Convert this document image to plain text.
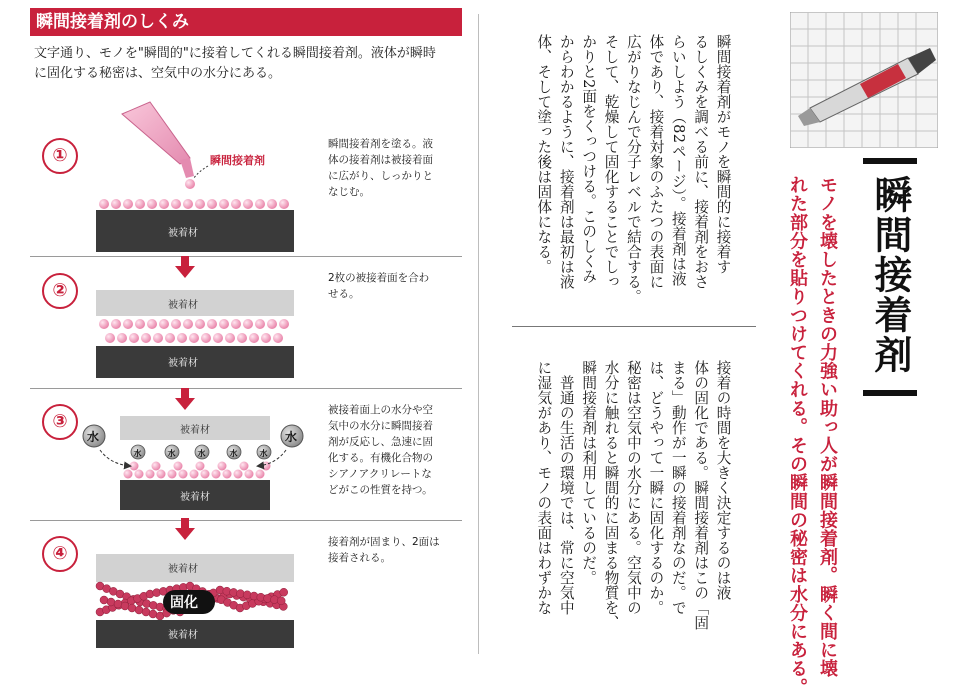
瞬間接着剤のしくみ
文字通り、モノを"瞬間的"に接着してくれる瞬間接着剤。液体が瞬時
に固化する秘密は、空気中の水分にある。
①
②
③
④
瞬間接着剤を塗る。液
体の接着剤は被接着面
に広がり、しっかりと
なじむ。
2枚の被接着面を合わ
せる。
被接着面上の水分や空
気中の水分に瞬間接着
剤が反応し、急速に固
化する。有機化合物の
シアノアクリレートな
どがこの性質を持つ。
接着剤が固まり、2面は
接着される。
瞬間接着剤
被着材
被着材
被着材
被着材
水	水	水	水	水
被着材
水	水
被着材
被着材
固化

瞬間接着剤がモノを瞬間的に接着す
るしくみを調べる前に、接着剤をおさ
らいしよう（82ページ）。接着剤は液
体であり、接着対象のふたつの表面に
広がりなじんで分子レベルで結合する。
そして、乾燥して固化することでしっ
かりと2面をくっつける。このしくみ
からわかるように、接着剤は最初は液
体、そして塗った後は固体になる。

接着の時間を大きく決定するのは液
体の固化である。瞬間接着剤はこの「固
まる」動作が一瞬の接着剤なのだ。で
は、どうやって一瞬に固化するのか。
秘密は空気中の水分にある。空気中の
水分に触れると瞬間的に固まる物質を、
瞬間接着剤は利用しているのだ。
　普通の生活の環境では、常に空気中
に湿気があり、モノの表面はわずかな	モノを壊したときの力強い助っ人が瞬間接着剤。瞬く間に壊
れた部分を貼りつけてくれる。その瞬間の秘密は水分にある。	瞬間接着剤
